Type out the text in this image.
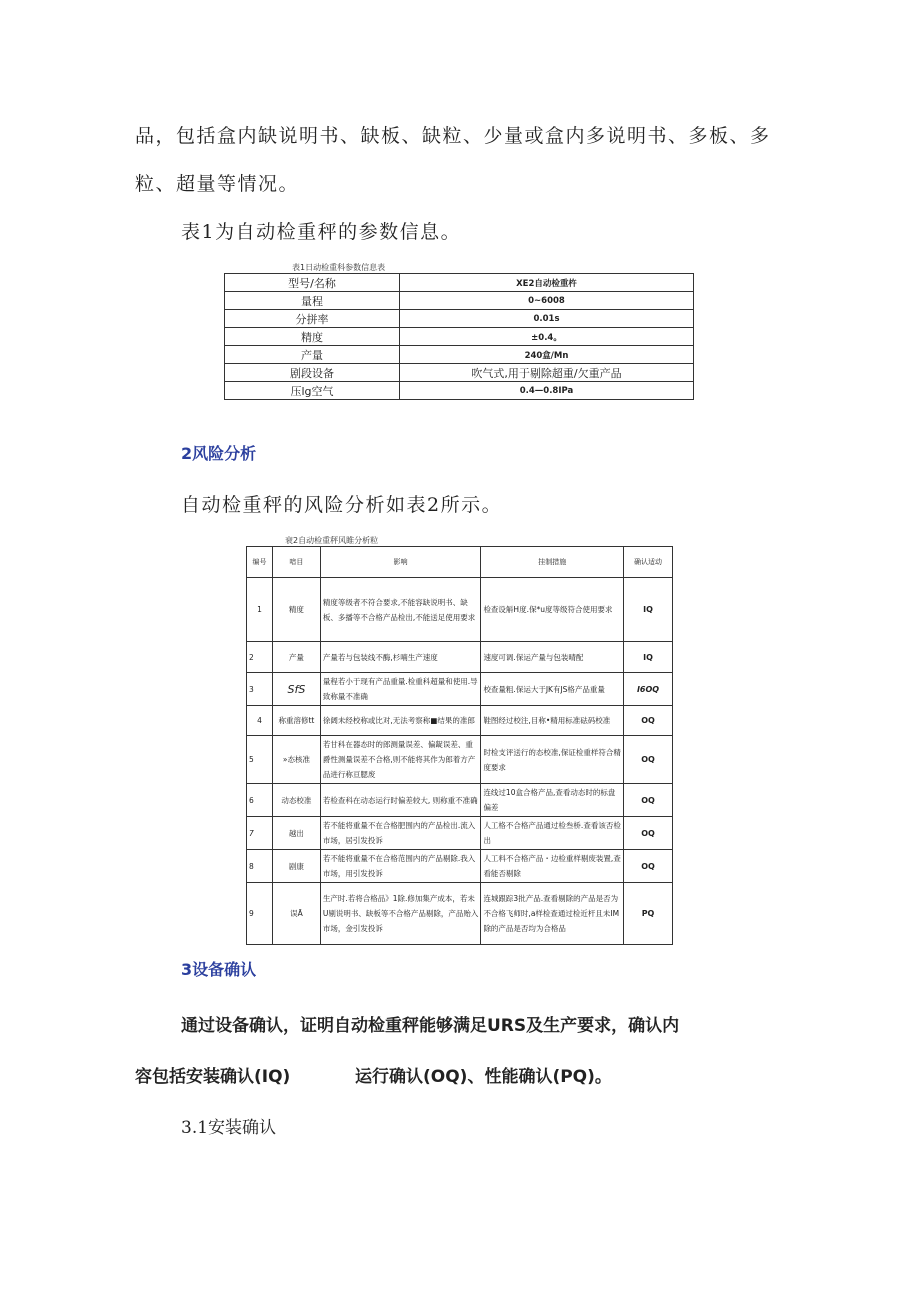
品，包括盒内缺说明书、缺板、缺粒、少量或盒内多说明书、多板、多
粒、超量等情况。
表1为自动检重秤的参数信息。
表1日动检重科参数信息表
型号/名称	XE2自动检重杵
量程	0~6008
分拼率	0.01s
精度	±0.4。
产量	240盒/Mn
剧段设备	吹气式,用于剔除超重/欠重产品
压lg空气	0.4—0.8IPa
2风险分析
自动检重秤的风险分析如表2所示。
衰2自动检重秤风睢分析粒
编号	喑目	影响	挂制措施	确认适动
1	精度	精度等级者不符合要求,不能容缺说明书、缺板、多播等不合格产品检出,不能送足使用要求	检查设斛H度.保*u度等级符合使用要求	IQ
2	产量	产量若与包装线不酶,杉喃生产速度	速度可调.保运产量与包装晴配	IQ
3	SfS	量程若小于现有产品重量.检重科超量和使用.导致称量不准确	校查量粗.保运大于JK有JS格产品重量	I6OQ
4	称重溶修tt	徐阔未经校称或比对,无法考察称■结果的准郎	鞋图经过校注,目称•精用标准砝码校准	OQ
5	»态核准	若甘科在器态时的郎测量误差、偏龊误差、重爵性测量误差不合格,则不能将其作为郎着方产品进行称亘腮废	时检支评送行的态校准,保证检重样符合精度要求	OQ
6	动态校准	若检查科在动态运行时偏差较大, 则称重不准确	连线过10盒合格产品,查看动态时的标盘偏差	OQ
7	越出	若不能将重量不在合格肥围内的产品检出.流入市场，居引发投诉	人工格不合格产品通过检叁桥.查看该否检出	OQ
8	剧康	若不能将重量不在合格范围内的产品剔除.我入市场，用引发投诉	人工料不合格产品・边检重样剔废装置,查看能否剔除	OQ
9	误Ā	生产时.若将合格品》1除.修加集产成本，若未U剔说明书、缺板等不合格产品剔除，产品贻入市场，金引发投诉	连城跟踪3批产品.查看剔除的产品是否为不合格飞师时,a样检查通过检近杆且未IM除的产品是否均为合格品	PQ
3设备确认
通过设备确认，证明自动检重秤能够满足URS及生产要求，确认内
容包括安装确认(IQ)	运行确认(OQ)、性能确认(PQ)。
3.1安装确认
